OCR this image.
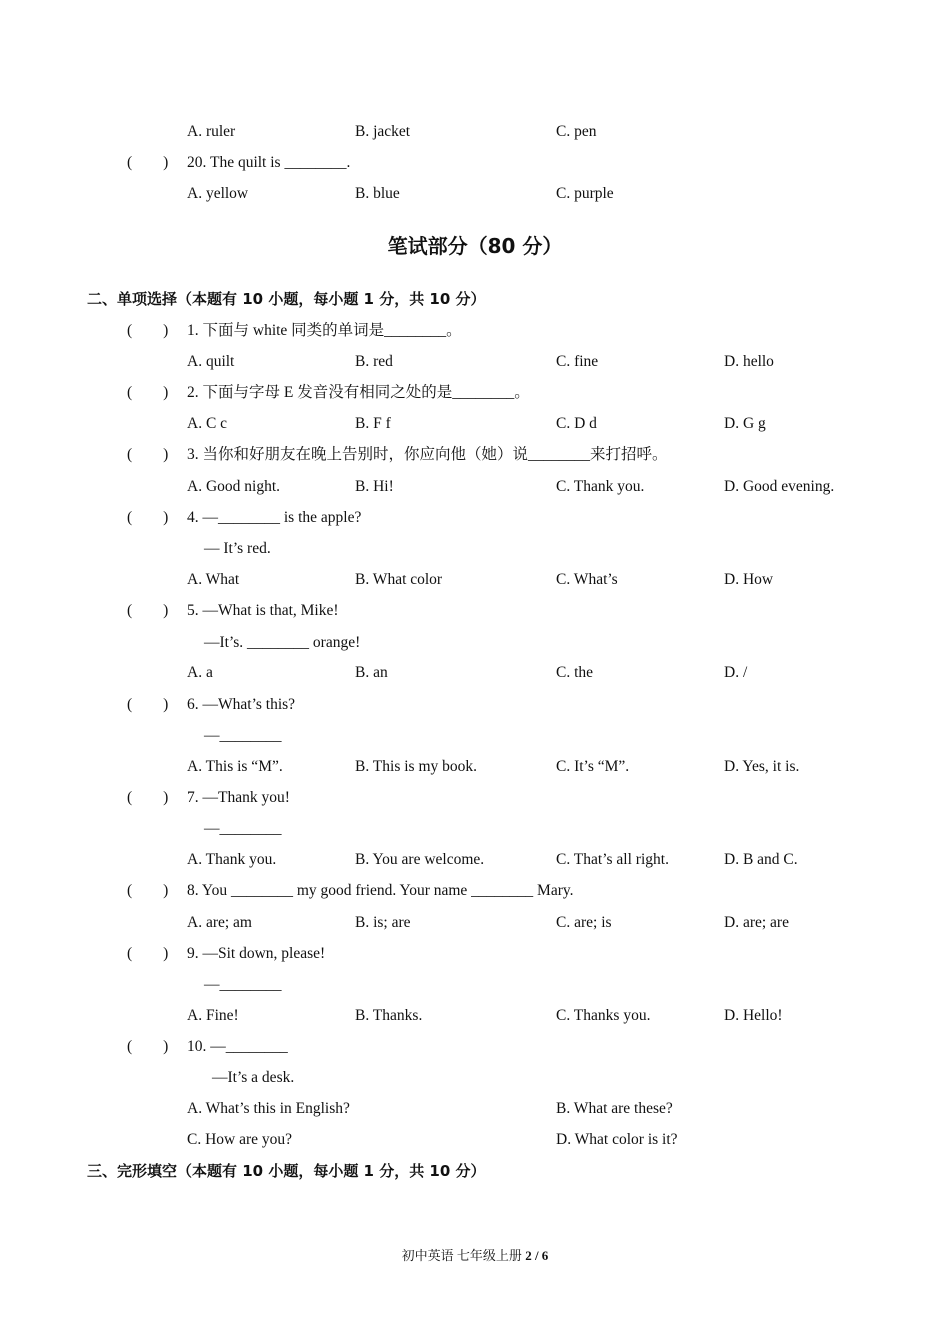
A. ruler	B. jacket	C. pen
(        ) 20. The quilt is ________.
A. yellow	B. blue	C. purple
笔试部分（80 分）
二、单项选择（本题有 10 小题，每小题 1 分，共 10 分）
(        ) 1. 下面与 white 同类的单词是________。
A. quilt	B. red	C. fine	D. hello
(        ) 2. 下面与字母 E 发音没有相同之处的是________。
A. C c	B. F f	C. D d	D. G g
(        ) 3. 当你和好朋友在晚上告别时，你应向他（她）说________来打招呼。
A. Good night.	B. Hi!	C. Thank you.	D. Good evening.
(        ) 4. —________ is the apple?
— It’s red.
A. What	B. What color	C. What’s	D. How
(        ) 5. —What is that, Mike!
—It’s. ________ orange!
A. a	B. an	C. the	D. /
(        ) 6. —What’s this?
—________
A. This is “M”.	B. This is my book.	C. It’s “M”.	D. Yes, it is.
(        ) 7. —Thank you!
—________
A. Thank you.	B. You are welcome.	C. That’s all right.	D. B and C.
(        ) 8. You ________ my good friend. Your name ________ Mary.
A. are; am	B. is; are	C. are; is	D. are; are
(        ) 9. —Sit down, please!
—________
A. Fine!	B. Thanks.	C. Thanks you.	D. Hello!
(        ) 10. —________
—It’s a desk.
A. What’s this in English?	B. What are these?
C. How are you?	D. What color is it?
三、完形填空（本题有 10 小题，每小题 1 分，共 10 分）
初中英语 七年级上册 2 / 6
